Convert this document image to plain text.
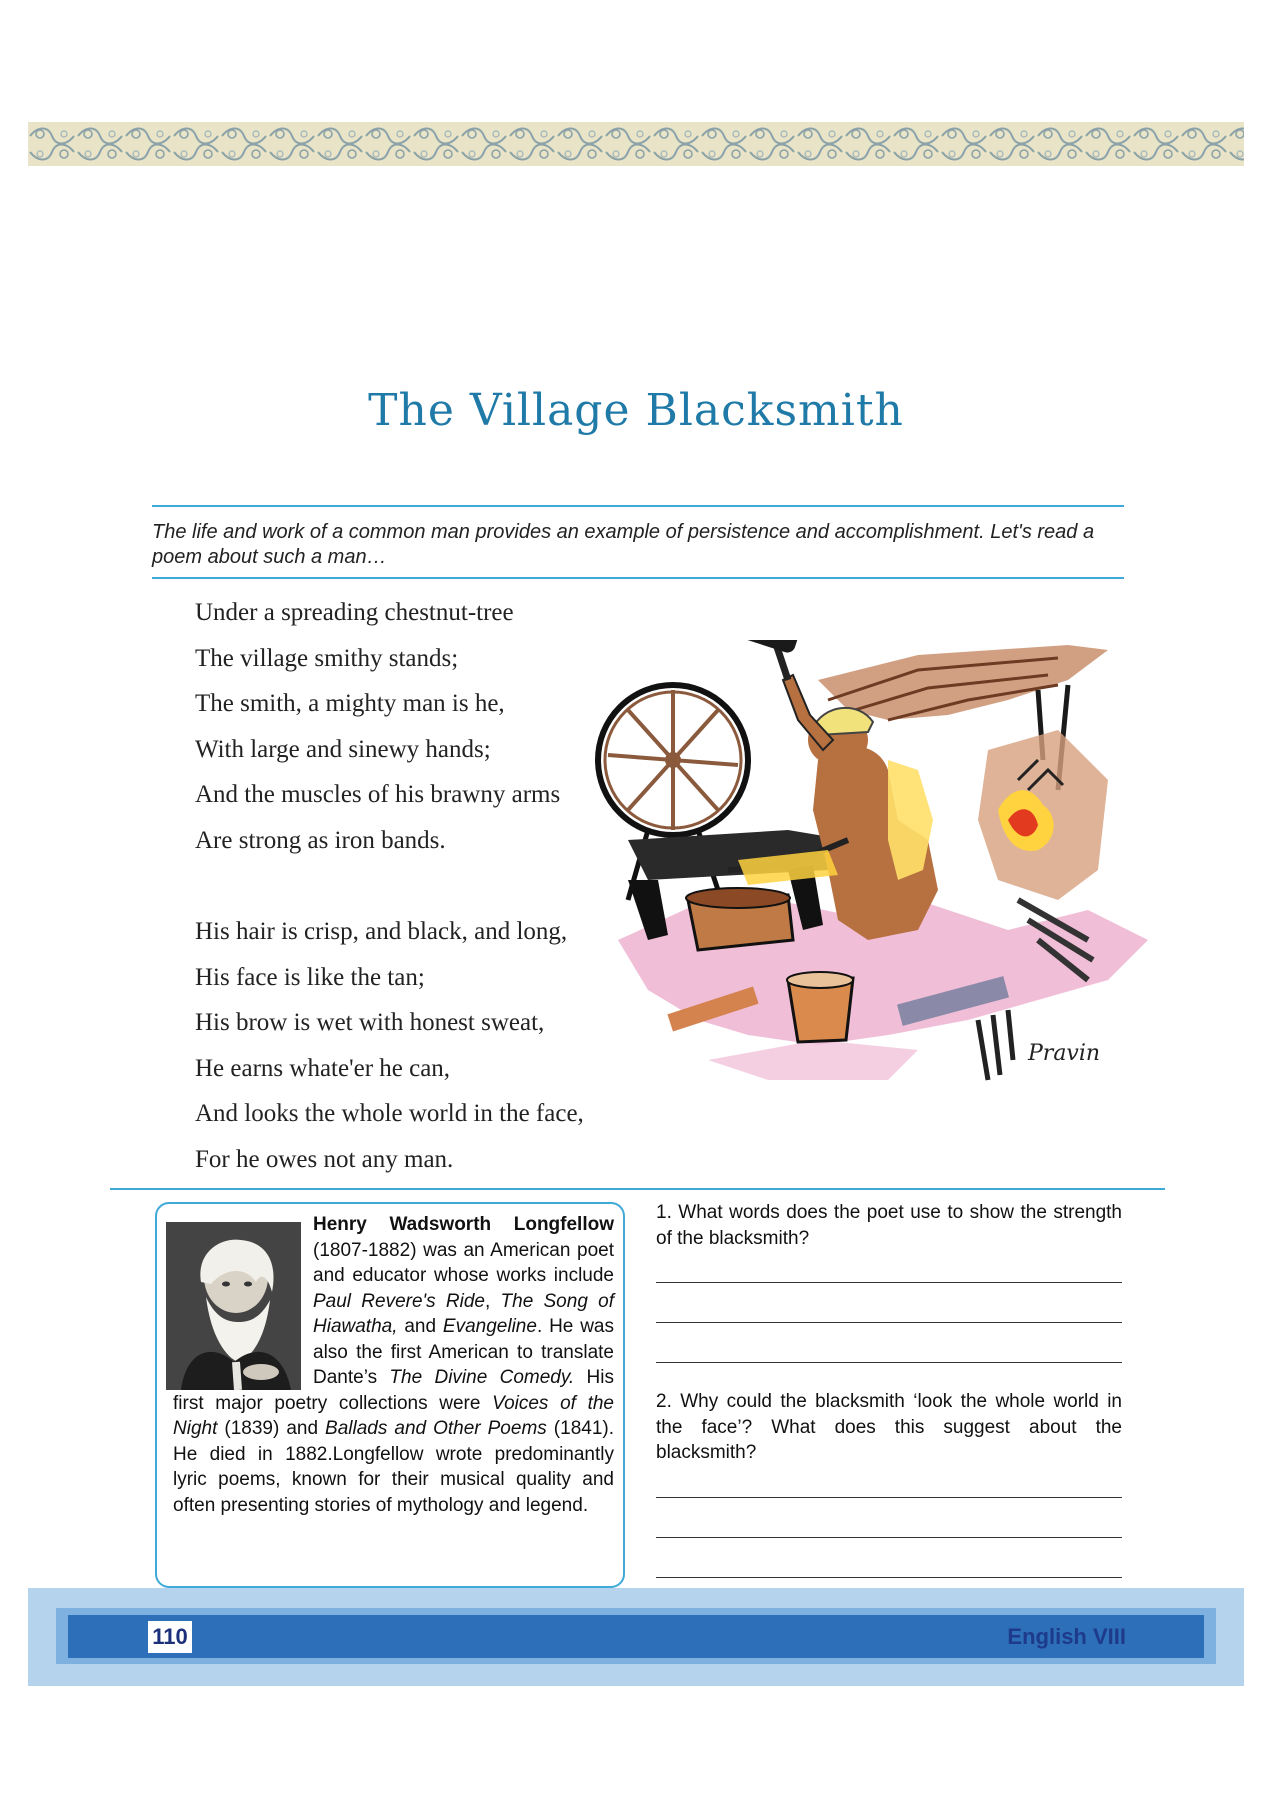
The Village Blacksmith
The life and work of a common man provides an example of persistence and accomplishment. Let's read a poem about such a man…
Under a spreading chestnut-tree
The village smithy stands;
The smith, a mighty man is he,
With large and sinewy hands;
And the muscles of his brawny arms
Are strong as iron bands.
His hair is crisp, and black, and long,
His face is like the tan;
His brow is wet with honest sweat,
He earns whate'er he can,
And looks the whole world in the face,
For he owes not any man.
Pravin
Henry Wadsworth Longfellow (1807-1882) was an American poet and educator whose works include Paul Revere's Ride, The Song of Hiawatha, and Evangeline. He was also the first American to translate Dante’s The Divine Comedy. His first major poetry collections were Voices of the Night (1839) and Ballads and Other Poems (1841). He died in 1882.Longfellow wrote predominantly lyric poems, known for their musical quality and often presenting stories of mythology and legend.
1. What words does the poet use to show the strength of the blacksmith?
2. Why could the blacksmith ‘look the whole world in the face’? What does this suggest about the blacksmith?
110	English VIII
